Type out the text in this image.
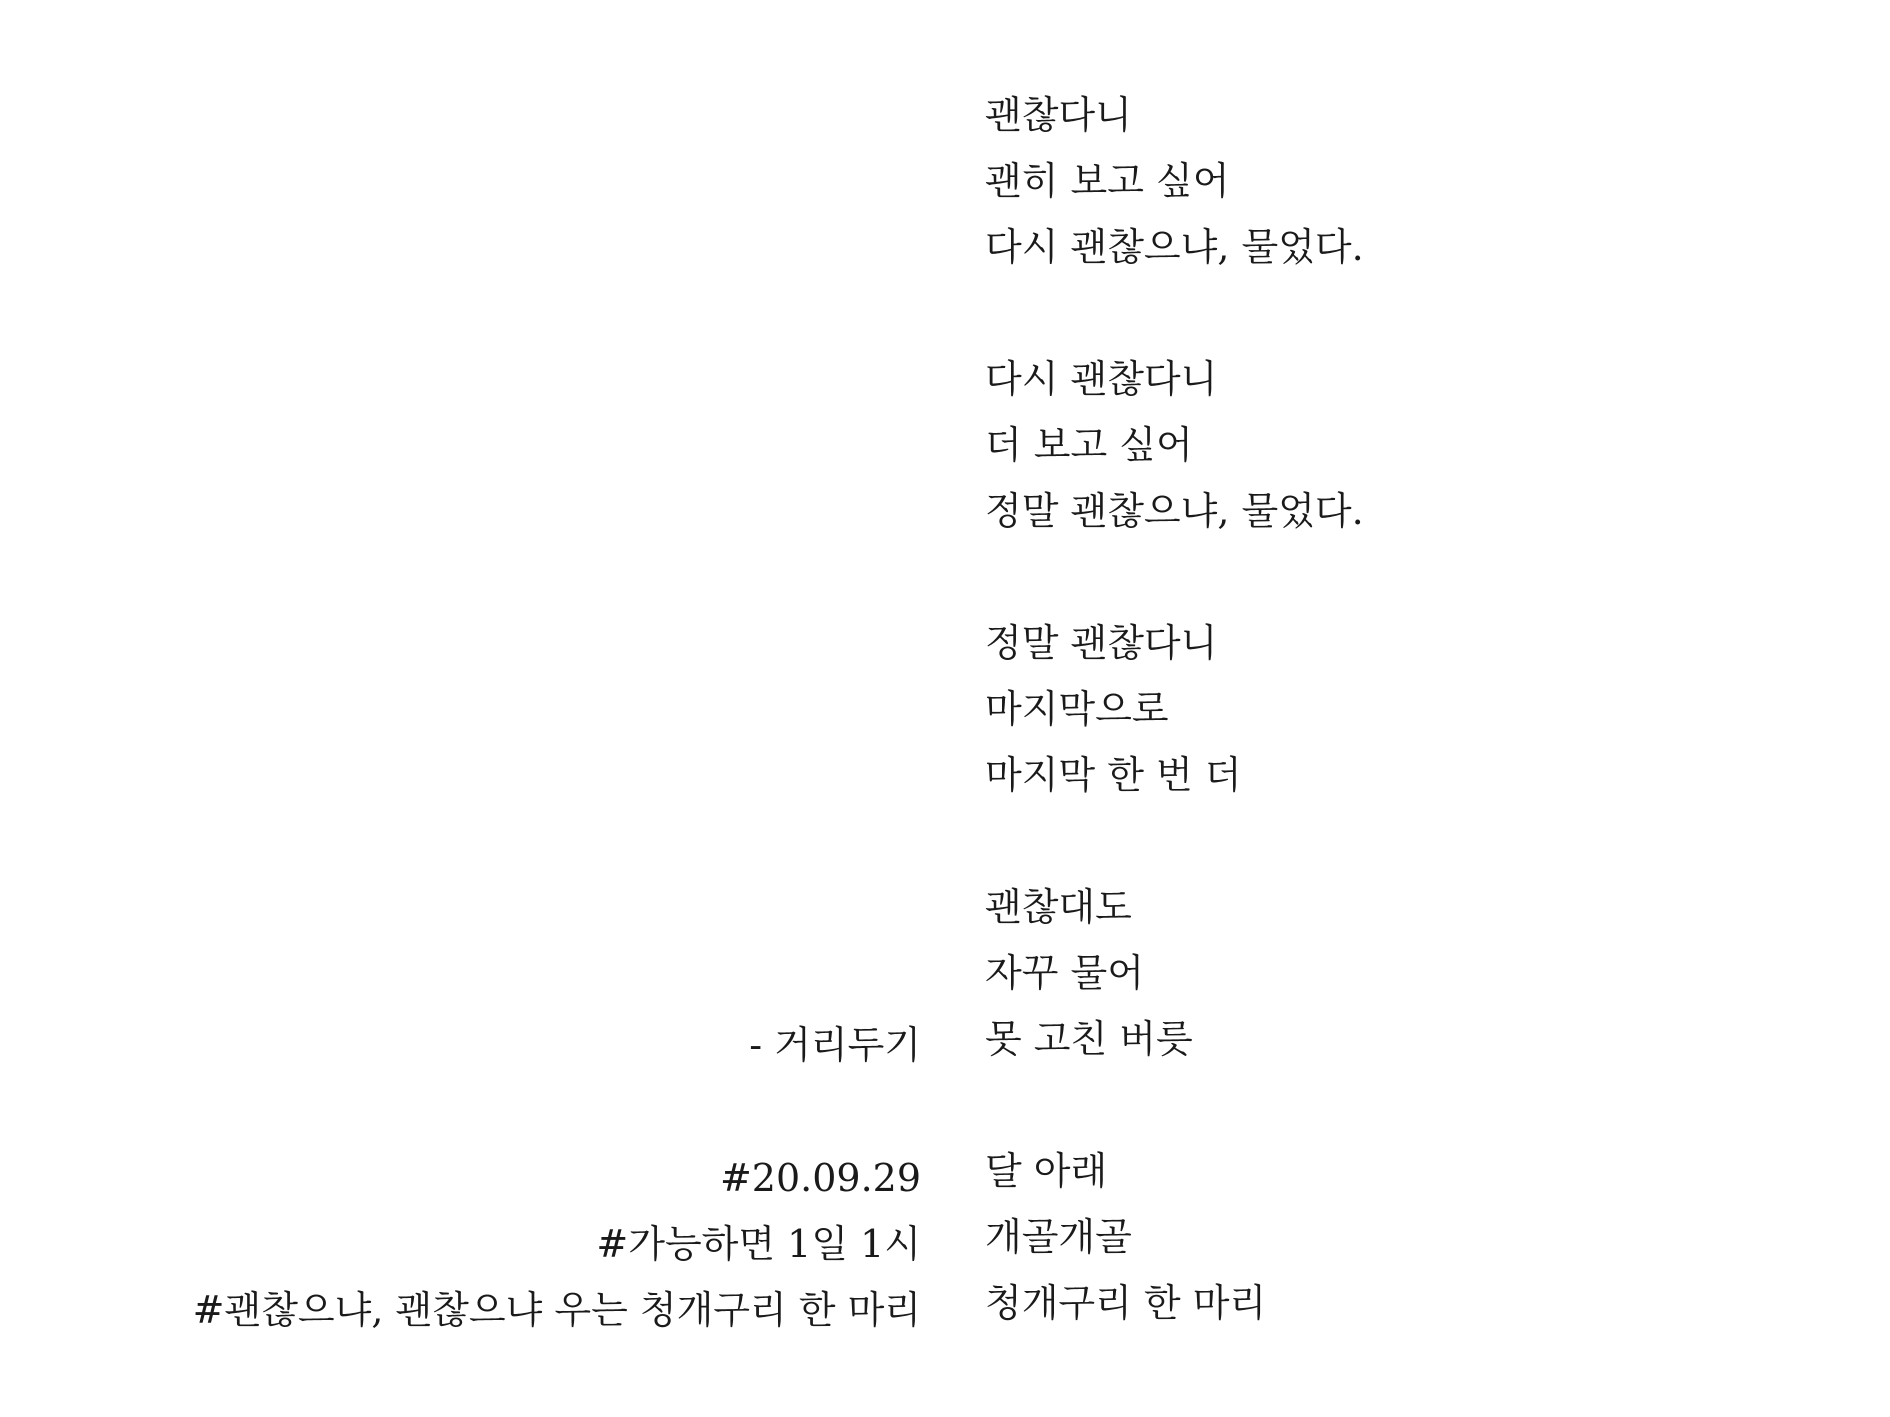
괜찮다니
괜히 보고 싶어
다시 괜찮으냐, 물었다.
다시 괜찮다니
더 보고 싶어
정말 괜찮으냐, 물었다.
정말 괜찮다니
마지막으로
마지막 한 번 더
괜찮대도
자꾸 물어
못 고친 버릇
달 아래
개골개골
청개구리 한 마리
- 거리두기
#20.09.29
#가능하면 1일 1시
#괜찮으냐, 괜찮으냐 우는 청개구리 한 마리
